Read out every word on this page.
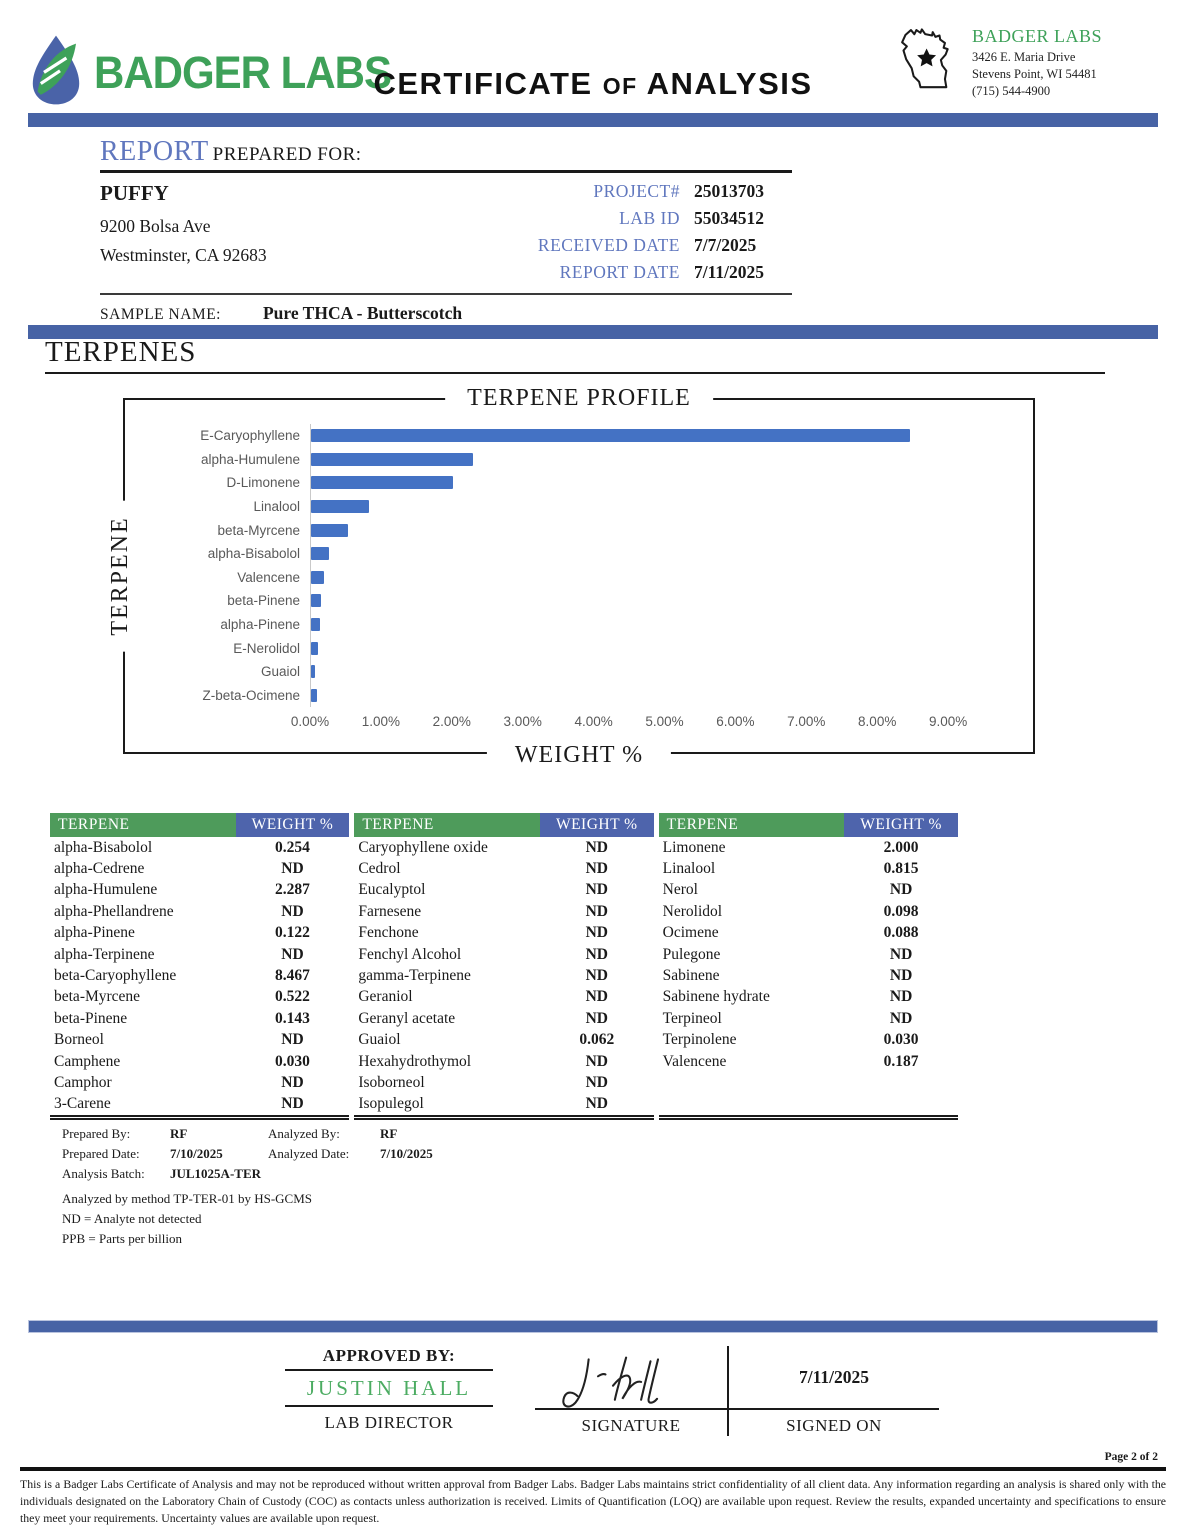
BADGER LABS
CERTIFICATE OF ANALYSIS
BADGER LABS
3426 E. Maria Drive
Stevens Point, WI 54481
(715) 544-4900
REPORT PREPARED FOR:
PUFFY
9200 Bolsa Ave
Westminster, CA 92683
PROJECT# 25013703
LAB ID 55034512
RECEIVED DATE 7/7/2025
REPORT DATE 7/11/2025
SAMPLE NAME: Pure THCA - Butterscotch
TERPENES
TERPENE PROFILE
TERPENE
E-Caryophyllene
alpha-Humulene
D-Limonene
Linalool
beta-Myrcene
alpha-Bisabolol
Valencene
beta-Pinene
alpha-Pinene
E-Nerolidol
Guaiol
Z-beta-Ocimene
0.00% 1.00% 2.00% 3.00% 4.00% 5.00% 6.00% 7.00% 8.00% 9.00%
WEIGHT %
TERPENE	WEIGHT %
alpha-Bisabolol	0.254
alpha-Cedrene	ND
alpha-Humulene	2.287
alpha-Phellandrene	ND
alpha-Pinene	0.122
alpha-Terpinene	ND
beta-Caryophyllene	8.467
beta-Myrcene	0.522
beta-Pinene	0.143
Borneol	ND
Camphene	0.030
Camphor	ND
3-Carene	ND
TERPENE	WEIGHT %
Caryophyllene oxide	ND
Cedrol	ND
Eucalyptol	ND
Farnesene	ND
Fenchone	ND
Fenchyl Alcohol	ND
gamma-Terpinene	ND
Geraniol	ND
Geranyl acetate	ND
Guaiol	0.062
Hexahydrothymol	ND
Isoborneol	ND
Isopulegol	ND
TERPENE	WEIGHT %
Limonene	2.000
Linalool	0.815
Nerol	ND
Nerolidol	0.098
Ocimene	0.088
Pulegone	ND
Sabinene	ND
Sabinene hydrate	ND
Terpineol	ND
Terpinolene	0.030
Valencene	0.187
Prepared By:	RF	Analyzed By:	RF
Prepared Date:	7/10/2025	Analyzed Date:	7/10/2025
Analysis Batch:	JUL1025A-TER
Analyzed by method TP-TER-01 by HS-GCMS
ND = Analyte not detected
PPB = Parts per billion
APPROVED BY:
JUSTIN HALL
LAB DIRECTOR	SIGNATURE
7/11/2025
SIGNED ON
Page 2 of 2

This is a Badger Labs Certificate of Analysis and may not be reproduced without written approval from Badger Labs. Badger Labs maintains strict confidentiality of all client data. Any information regarding an analysis is shared only with the individuals designated on the Laboratory Chain of Custody (COC) as contacts unless authorization is received. Limits of Quantification (LOQ) are available upon request. Review the results, expanded uncertainty and specifications to ensure they meet your requirements. Uncertainty values are available upon request.
